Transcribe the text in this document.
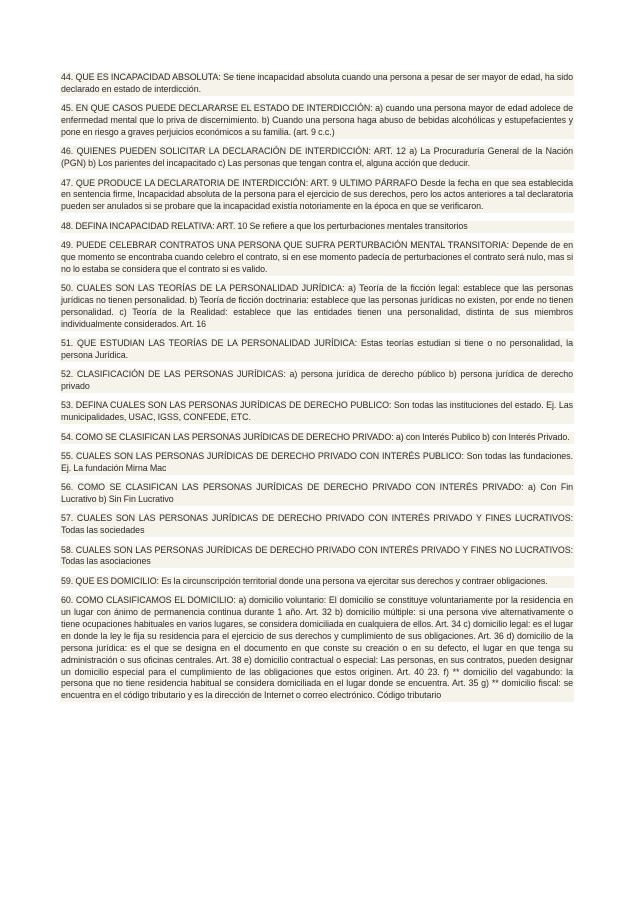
44. QUE ES INCAPACIDAD ABSOLUTA: Se tiene incapacidad absoluta cuando una persona a pesar de ser mayor de edad, ha sido declarado en estado de interdicción.

45. EN QUE CASOS PUEDE DECLARARSE EL ESTADO DE INTERDICCIÓN: a) cuando una persona mayor de edad adolece de enfermedad mental que lo priva de discernimiento. b) Cuando una persona haga abuso de bebidas alcohólicas y estupefacientes y pone en riesgo a graves perjuicios económicos a su familia. (art. 9 c.c.)

46. QUIENES PUEDEN SOLICITAR LA DECLARACIÓN DE INTERDICCIÓN: ART. 12 a) La Procuraduría General de la Nación (PGN) b) Los parientes del incapacitado c) Las personas que tengan contra el, alguna acción que deducir.

47. QUE PRODUCE LA DECLARATORIA DE INTERDICCIÓN: ART. 9 ULTIMO PÁRRAFO Desde la fecha en que sea establecida en sentencia firme, Incapacidad absoluta de la persona para el ejercicio de sus derechos, pero los actos anteriores a tal declaratoria pueden ser anulados si se probare que la incapacidad existía notoriamente en la época en que se verificaron.

48. DEFINA INCAPACIDAD RELATIVA: ART. 10 Se refiere a que los perturbaciones mentales transitorios

49. PUEDE CELEBRAR CONTRATOS UNA PERSONA QUE SUFRA PERTURBACIÓN MENTAL TRANSITORIA: Depende de en que momento se encontraba cuando celebro el contrato, si en ese momento padecía de perturbaciones el contrato será nulo, mas si no lo estaba se considera que el contrato si es valido.

50. CUALES SON LAS TEORÍAS DE LA PERSONALIDAD JURÍDICA: a) Teoría de la ficción legal: establece que las personas jurídicas no tienen personalidad. b) Teoría de ficción doctrinaria: establece que las personas jurídicas no existen, por ende no tienen personalidad. c) Teoría de la Realidad: establece que las entidades tienen una personalidad, distinta de sus miembros individualmente considerados. Art. 16

51. QUE ESTUDIAN LAS TEORÍAS DE LA PERSONALIDAD JURÍDICA: Estas teorías estudian si tiene o no personalidad, la persona Jurídica.

52. CLASIFICACIÓN DE LAS PERSONAS JURÍDICAS: a) persona jurídica de derecho público b) persona jurídica de derecho privado

53. DEFINA CUALES SON LAS PERSONAS JURÍDICAS DE DERECHO PUBLICO: Son todas las instituciones del estado. Ej. Las municipalidades, USAC, IGSS, CONFEDE, ETC.

54. COMO SE CLASIFICAN LAS PERSONAS JURÍDICAS DE DERECHO PRIVADO: a) con Interés Publico b) con Interés Privado.

55. CUALES SON LAS PERSONAS JURÍDICAS DE DERECHO PRIVADO CON INTERÉS PUBLICO: Son todas las fundaciones. Ej. La fundación Mirna Mac

56. COMO SE CLASIFICAN LAS PERSONAS JURÍDICAS DE DERECHO PRIVADO CON INTERÉS PRIVADO: a) Con Fin Lucrativo b) Sin Fin Lucrativo

57. CUALES SON LAS PERSONAS JURÍDICAS DE DERECHO PRIVADO CON INTERÉS PRIVADO Y FINES LUCRATIVOS: Todas las sociedades

58. CUALES SON LAS PERSONAS JURÍDICAS DE DERECHO PRIVADO CON INTERÉS PRIVADO Y FINES NO LUCRATIVOS: Todas las asociaciones

59. QUE ES DOMICILIO: Es la circunscripción territorial donde una persona va ejercitar sus derechos y contraer obligaciones.

60. COMO CLASIFICAMOS EL DOMICILIO: a) domicilio voluntario: El domicilio se constituye voluntariamente por la residencia en un lugar con ánimo de permanencia continua durante 1 año. Art. 32 b) domicilio múltiple: si una persona vive alternativamente o tiene ocupaciones habituales en varios lugares, se considera domiciliada en cualquiera de ellos. Art. 34 c) domicilio legal: es el lugar en donde la ley le fija su residencia para el ejercicio de sus derechos y cumplimiento de sus obligaciones. Art. 36 d) domicilio de la persona jurídica: es el que se designa en el documento en que conste su creación o en su defecto, el lugar en que tenga su administración o sus oficinas centrales. Art. 38 e) domicilio contractual o especial: Las personas, en sus contratos, pueden designar un domicilio especial para el cumplimiento de las obligaciones que estos originen. Art. 40 23. f) ** domicilio del vagabundo: la persona que no tiene residencia habitual se considera domiciliada en el lugar donde se encuentra. Art. 35 g) ** domicilio fiscal: se encuentra en el código tributario y es la dirección de Internet o correo electrónico. Código tributario
